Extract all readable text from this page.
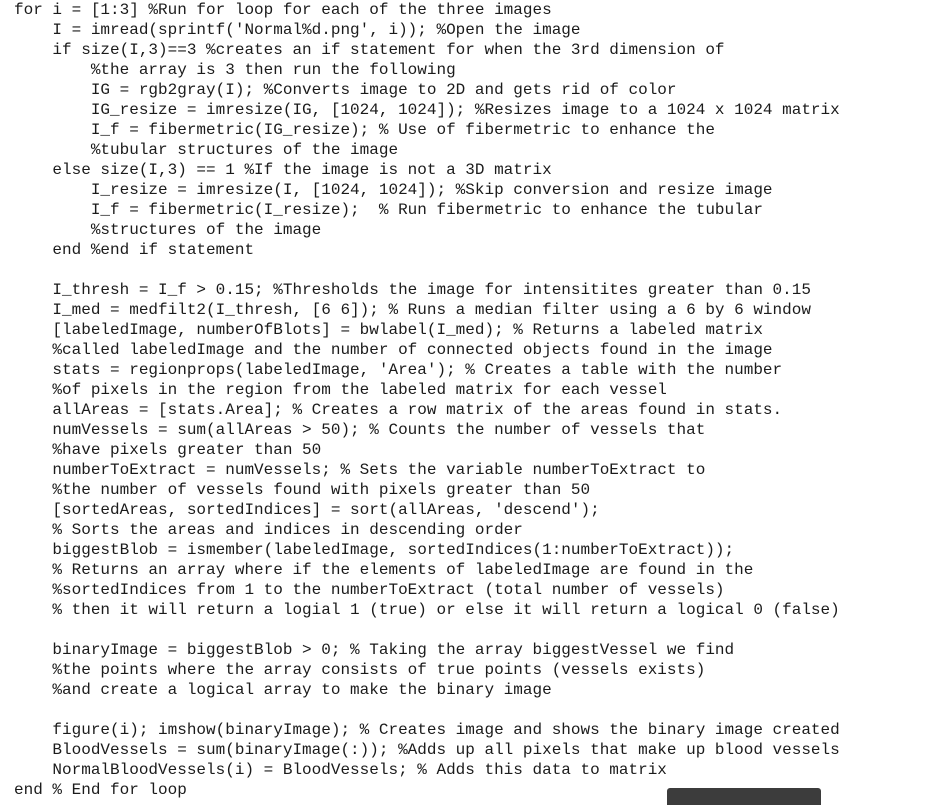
for i = [1:3] %Run for loop for each of the three images
I = imread(sprintf('Normal%d.png', i)); %Open the image
if size(I,3)==3 %creates an if statement for when the 3rd dimension of
%the array is 3 then run the following
IG = rgb2gray(I); %Converts image to 2D and gets rid of color
IG_resize = imresize(IG, [1024, 1024]); %Resizes image to a 1024 x 1024 matrix
I_f = fibermetric(IG_resize); % Use of fibermetric to enhance the
%tubular structures of the image
else size(I,3) == 1 %If the image is not a 3D matrix
I_resize = imresize(I, [1024, 1024]); %Skip conversion and resize image
I_f = fibermetric(I_resize);  % Run fibermetric to enhance the tubular
%structures of the image
end %end if statement
I_thresh = I_f > 0.15; %Thresholds the image for intensitites greater than 0.15
I_med = medfilt2(I_thresh, [6 6]); % Runs a median filter using a 6 by 6 window
[labeledImage, numberOfBlots] = bwlabel(I_med); % Returns a labeled matrix
%called labeledImage and the number of connected objects found in the image
stats = regionprops(labeledImage, 'Area'); % Creates a table with the number
%of pixels in the region from the labeled matrix for each vessel
allAreas = [stats.Area]; % Creates a row matrix of the areas found in stats.
numVessels = sum(allAreas > 50); % Counts the number of vessels that
%have pixels greater than 50
numberToExtract = numVessels; % Sets the variable numberToExtract to
%the number of vessels found with pixels greater than 50
[sortedAreas, sortedIndices] = sort(allAreas, 'descend');
% Sorts the areas and indices in descending order
biggestBlob = ismember(labeledImage, sortedIndices(1:numberToExtract));
% Returns an array where if the elements of labeledImage are found in the
%sortedIndices from 1 to the numberToExtract (total number of vessels)
% then it will return a logial 1 (true) or else it will return a logical 0 (false)
binaryImage = biggestBlob > 0; % Taking the array biggestVessel we find
%the points where the array consists of true points (vessels exists)
%and create a logical array to make the binary image
figure(i); imshow(binaryImage); % Creates image and shows the binary image created
BloodVessels = sum(binaryImage(:)); %Adds up all pixels that make up blood vessels
NormalBloodVessels(i) = BloodVessels; % Adds this data to matrix
end % End for loop
